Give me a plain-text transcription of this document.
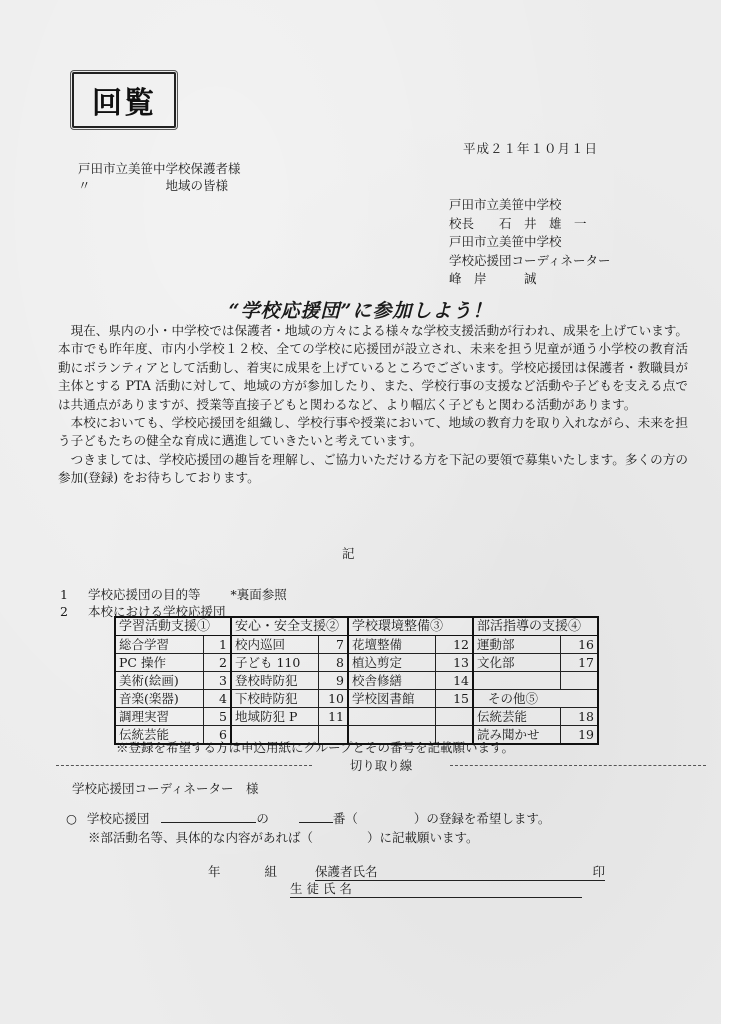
回覧
戸田市立美笹中学校保護者様
〃　　　　　　地域の皆様
平成２１年１０月１日
戸田市立美笹中学校
校長　　石　井　雄　一
戸田市立美笹中学校
学校応援団コーディネーター
峰　岸　　　誠
“学校応援団”に参加しよう！

現在、県内の小・中学校では保護者・地域の方々による様々な学校支援活動が行われ、成果を上げています。本市でも昨年度、市内小学校１２校、全ての学校に応援団が設立され、未来を担う児童が通う小学校の教育活動にボランティアとして活動し、着実に成果を上げているところでございます。学校応援団は保護者・教職員が主体とする PTA 活動に対して、地域の方が参加したり、また、学校行事の支援など活動や子どもを支える点では共通点がありますが、授業等直接子どもと関わるなど、より幅広く子どもと関わる活動があります。

本校においても、学校応援団を組織し、学校行事や授業において、地域の教育力を取り入れながら、未来を担う子どもたちの健全な育成に邁進していきたいと考えています。

つきましては、学校応援団の趣旨を理解し、ご協力いただける方を下記の要領で募集いたします。多くの方の参加(登録) をお待ちしております。

記
1 学校応援団の目的等 *裏面参照
2 本校における学校応援団
学習活動支援①		安心・安全支援②		学校環境整備③		部活指導の支援④	
総合学習	1	校内巡回	7	花壇整備	12	運動部	16
PC 操作	2	子ども 110	8	植込剪定	13	文化部	17
美術(絵画)	3	登校時防犯	9	校舎修繕	14		
音楽(楽器)	4	下校時防犯	10	学校図書館	15	その他⑤	
調理実習	5	地域防犯 P	11			伝統芸能	18
伝統芸能	6					読み聞かせ	19
※登録を希望する方は申込用紙にグループとその番号を記載願います。
切り取り線
学校応援団コーディネーター　様
○ 学校応援団	の	番（	）の登録を希望します。
※部活動名等、具体的な内容があれば（	）に記載願います。
年	組	保護者氏名	印
生 徒 氏 名
